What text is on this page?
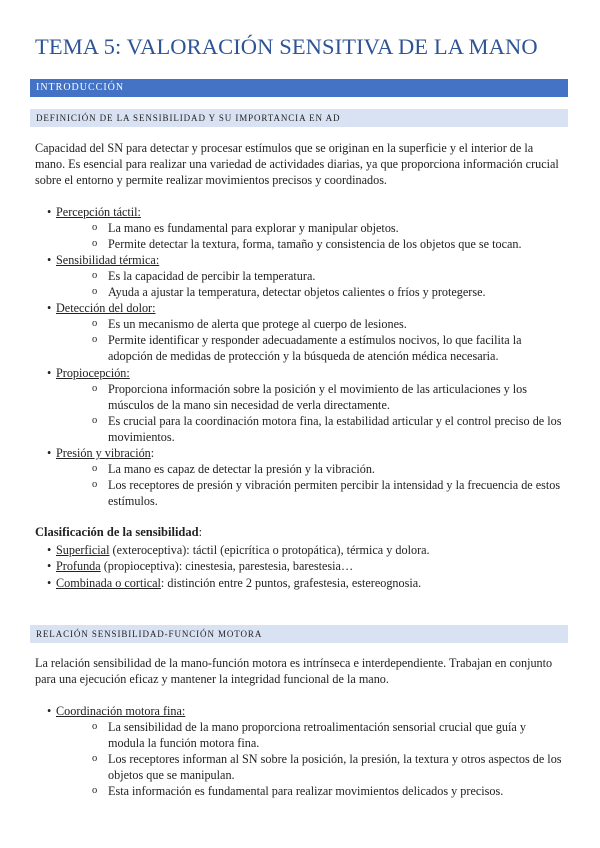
TEMA 5: VALORACIÓN SENSITIVA DE LA MANO
INTRODUCCIÓN
DEFINICIÓN DE LA SENSIBILIDAD Y SU IMPORTANCIA EN AD

Capacidad del SN para detectar y procesar estímulos que se originan en la superficie y el interior de la mano. Es esencial para realizar una variedad de actividades diarias, ya que proporciona información crucial sobre el entorno y permite realizar movimientos precisos y coordinados.

• Percepción táctil:
o La mano es fundamental para explorar y manipular objetos.
o Permite detectar la textura, forma, tamaño y consistencia de los objetos que se tocan.
• Sensibilidad térmica:
o Es la capacidad de percibir la temperatura.
o Ayuda a ajustar la temperatura, detectar objetos calientes o fríos y protegerse.
• Detección del dolor:
o Es un mecanismo de alerta que protege al cuerpo de lesiones.
o Permite identificar y responder adecuadamente a estímulos nocivos, lo que facilita la adopción de medidas de protección y la búsqueda de atención médica necesaria.
• Propiocepción:
o Proporciona información sobre la posición y el movimiento de las articulaciones y los músculos de la mano sin necesidad de verla directamente.
o Es crucial para la coordinación motora fina, la estabilidad articular y el control preciso de los movimientos.
• Presión y vibración:
o La mano es capaz de detectar la presión y la vibración.
o Los receptores de presión y vibración permiten percibir la intensidad y la frecuencia de estos estímulos.
Clasificación de la sensibilidad:
• Superficial (exteroceptiva): táctil (epicrítica o protopática), térmica y dolora.
• Profunda (propioceptiva): cinestesia, parestesia, barestesia…
• Combinada o cortical: distinción entre 2 puntos, grafestesia, estereognosia.
RELACIÓN SENSIBILIDAD-FUNCIÓN MOTORA

La relación sensibilidad de la mano-función motora es intrínseca e interdependiente. Trabajan en conjunto para una ejecución eficaz y mantener la integridad funcional de la mano.

• Coordinación motora fina:
o La sensibilidad de la mano proporciona retroalimentación sensorial crucial que guía y modula la función motora fina.
o Los receptores informan al SN sobre la posición, la presión, la textura y otros aspectos de los objetos que se manipulan.
o Esta información es fundamental para realizar movimientos delicados y precisos.
